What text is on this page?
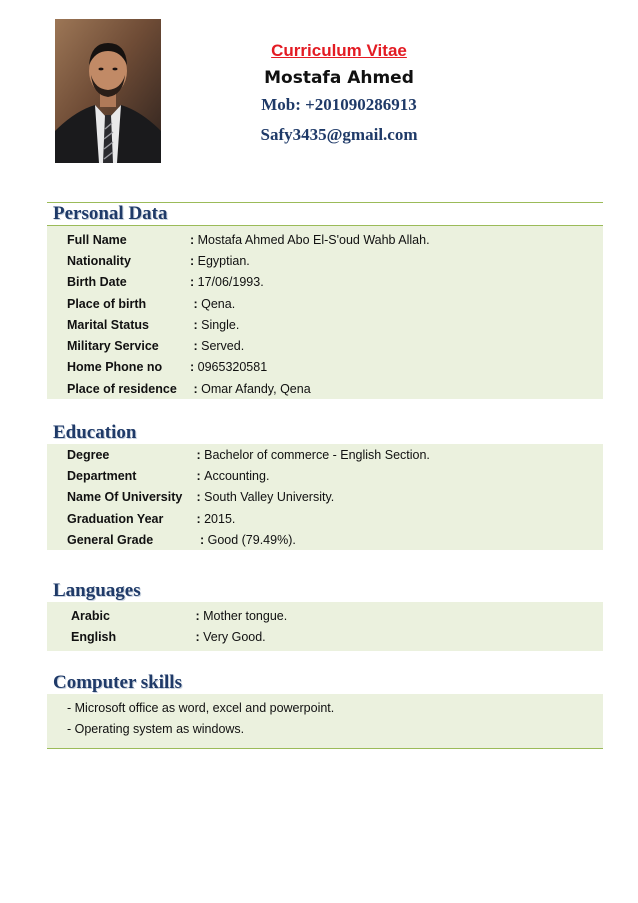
Curriculum Vitae
Mostafa Ahmed
Mob: +201090286913
Safy3435@gmail.com
Personal Data
Full Name	: Mostafa Ahmed Abo El-S'oud Wahb Allah.
Nationality	: Egyptian.
Birth Date	: 17/06/1993.
Place of birth	: Qena.
Marital Status	: Single.
Military Service	: Served.
Home Phone no	: 0965320581
Place of residence	: Omar Afandy, Qena
Education
Degree	: Bachelor of commerce - English Section.
Department	: Accounting.
Name Of University : South Valley University.
Graduation Year	: 2015.
General Grade	: Good (79.49%).
Languages
Arabic	: Mother tongue.
English	: Very Good.
Computer skills
- Microsoft office as word, excel and powerpoint.
- Operating system as windows.
